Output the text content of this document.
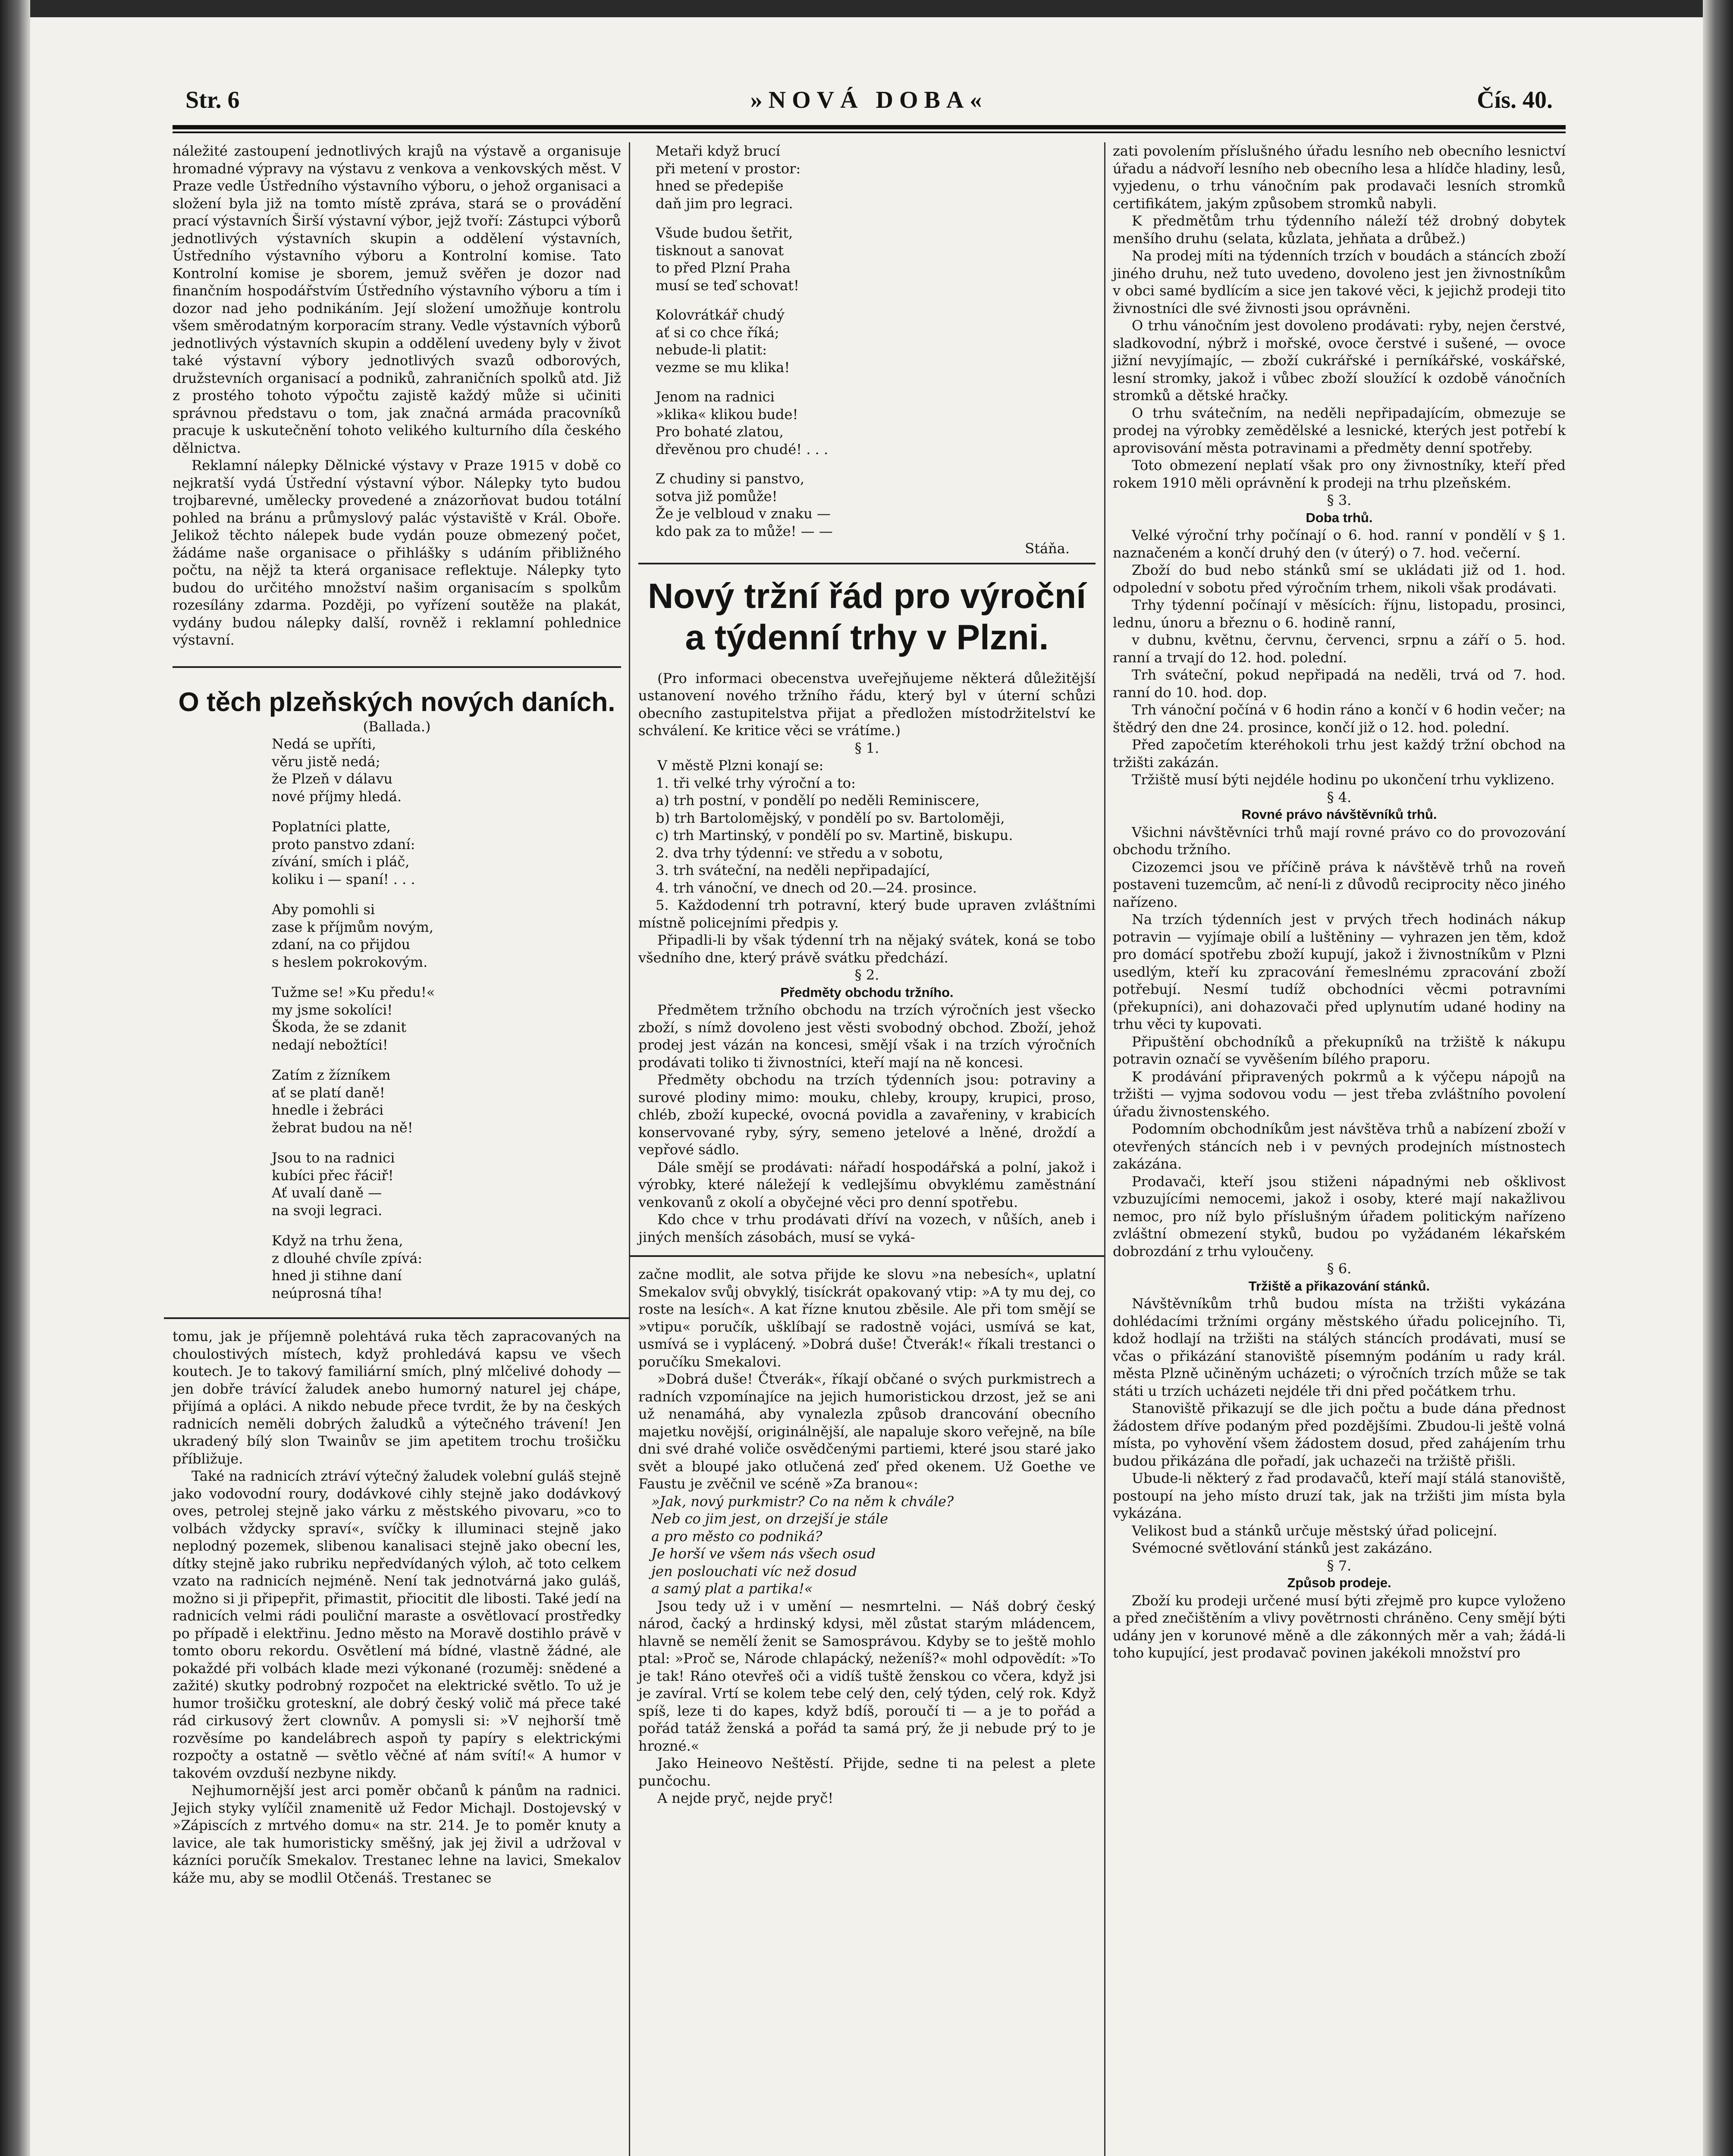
Str. 6	»NOVÁ DOBA«	Čís. 40.

náležité zastoupení jednotlivých krajů na výstavě a organisuje hromadné výpravy na výstavu z venkova a venkovských měst. V Praze vedle Ústředního výstavního výboru, o jehož organisaci a složení byla již na tomto místě zpráva, stará se o provádění prací výstavních Širší výstavní výbor, jejž tvoří: Zástupci výborů jednotlivých výstavních skupin a oddělení výstavních, Ústředního výstavního výboru a Kontrolní komise. Tato Kontrolní komise je sborem, jemuž svěřen je dozor nad finančním hospodářstvím Ústředního výstavního výboru a tím i dozor nad jeho podnikáním. Její složení umožňuje kontrolu všem směrodatným korporacím strany. Vedle výstavních výborů jednotlivých výstavních skupin a oddělení uvedeny byly v život také výstavní výbory jednotlivých svazů odborových, družstevních organisací a podniků, zahraničních spolků atd. Již z prostého tohoto výpočtu zajistě každý může si učiniti správnou představu o tom, jak značná armáda pracovníků pracuje k uskutečnění tohoto velikého kulturního díla českého dělnictva.

Reklamní nálepky Dělnické výstavy v Praze 1915 v době co nejkratší vydá Ústřední výstavní výbor. Nálepky tyto budou trojbarevné, umělecky provedené a znázorňovat budou totální pohled na bránu a průmyslový palác výstaviště v Král. Oboře. Jelikož těchto nálepek bude vydán pouze obmezený počet, žádáme naše organisace o přihlášky s udáním přibližného počtu, na nějž ta která organisace reflektuje. Nálepky tyto budou do určitého množství našim organisacím s spolkům rozesílány zdarma. Později, po vyřízení soutěže na plakát, vydány budou nálepky další, rovněž i reklamní pohlednice výstavní.

O těch plzeňských nových daních.

(Ballada.)

Nedá se upříti,
věru jistě nedá;
že Plzeň v dálavu
nové příjmy hledá.
Poplatníci platte,
proto panstvo zdaní:
zívání, smích i pláč,
koliku i — spaní! . . .
Aby pomohli si
zase k příjmům novým,
zdaní, na co přijdou
s heslem pokrokovým.
Tužme se! »Ku předu!«
my jsme sokolíci!
Škoda, že se zdanit
nedají nebožtíci!
Zatím z žízníkem
ať se platí daně!
hnedle i žebráci
žebrat budou na ně!
Jsou to na radnici
kubíci přec řáciř!
Ať uvalí daně —
na svoji legraci.
Když na trhu žena,
z dlouhé chvíle zpívá:
hned ji stihne daní
neúprosná tíha!

tomu, jak je příjemně polehtává ruka těch zapracovaných na choulostivých místech, když prohledává kapsu ve všech koutech. Je to takový familiární smích, plný mlčelivé dohody — jen dobře trávící žaludek anebo humorný naturel jej chápe, přijímá a opláci. A nikdo nebude přece tvrdit, že by na českých radnicích neměli dobrých žaludků a výtečného trávení! Jen ukradený bílý slon Twainův se jim apetitem trochu trošičku příbližuje.

Také na radnicích ztráví výtečný žaludek volební guláš stejně jako vodovodní roury, dodávkové cihly stejně jako dodávkový oves, petrolej stejně jako várku z městského pivovaru, »co to volbách vždycky spraví«, svíčky k illuminaci stejně jako neplodný pozemek, slibenou kanalisaci stejně jako obecní les, dítky stejně jako rubriku nepředvídaných výloh, ač toto celkem vzato na radnicích nejméně. Není tak jednotvárná jako guláš, možno si ji připepřit, přimastit, přiocitit dle libosti. Také jedí na radnicích velmi rádi pouliční maraste a osvětlovací prostředky po případě i elektřinu. Jedno město na Moravě dostihlo právě v tomto oboru rekordu. Osvětlení má bídné, vlastně žádné, ale pokaždé při volbách klade mezi výkonané (rozuměj: snědené a zažité) skutky podrobný rozpočet na elektrické světlo. To už je humor trošičku groteskní, ale dobrý český volič má přece také rád cirkusový žert clownův. A pomysli si: »V nejhorší tmě rozvěsíme po kandelábrech aspoň ty papíry s elektrickými rozpočty a ostatně — světlo věčné ať nám svítí!« A humor v takovém ovzduší nezbyne nikdy.

Nejhumornější jest arci poměr občanů k pánům na radnici. Jejich styky vylíčil znamenitě už Fedor Michajl. Dostojevský v »Zápiscích z mrtvého domu« na str. 214. Je to poměr knuty a lavice, ale tak humoristicky směšný, jak jej živil a udržoval v kázníci poručík Smekalov. Trestanec lehne na lavici, Smekalov káže mu, aby se modlil Otčenáš. Trestanec se

Metaři když brucí
při metení v prostor:
hned se předepiše
daň jim pro legraci.
Všude budou šetřit,
tisknout a sanovat
to před Plzní Praha
musí se teď schovat!
Kolovrátkář chudý
ať si co chce říká;
nebude-li platit:
vezme se mu klika!
Jenom na radnici
»klika« klikou bude!
Pro bohaté zlatou,
dřevěnou pro chudé! . . .
Z chudiny si panstvo,
sotva již pomůže!
Že je velbloud v znaku —
kdo pak za to může! — —
Stáňa.
Nový tržní řád pro výroční a týdenní trhy v Plzni.

(Pro informaci obecenstva uveřejňujeme některá důležitější ustanovení nového tržního řádu, který byl v úterní schůzi obecního zastupitelstva přijat a předložen místodržitelství ke schválení. Ke kritice věci se vrátíme.)

§ 1.

V městě Plzni konají se:

1. tři velké trhy výroční a to:

a) trh postní, v pondělí po neděli Reminiscere,

b) trh Bartolomějský, v pondělí po sv. Bartoloměji,

c) trh Martinský, v pondělí po sv. Martině, biskupu.

2. dva trhy týdenní: ve středu a v sobotu,

3. trh sváteční, na neděli nepřipadající,

4. trh vánoční, ve dnech od 20.—24. prosince.

5. Každodenní trh potravní, který bude upraven zvláštními místně policejními předpis y.

Připadli-li by však týdenní trh na nějaký svátek, koná se tobo všedního dne, který právě svátku předchází.

§ 2.

Předměty obchodu tržního.

Předmětem tržního obchodu na trzích výročních jest všecko zboží, s nímž dovoleno jest věsti svobodný obchod. Zboží, jehož prodej jest vázán na koncesi, smějí však i na trzích výročních prodávati toliko ti živnostníci, kteří mají na ně koncesi.

Předměty obchodu na trzích týdenních jsou: potraviny a surové plodiny mimo: mouku, chleby, kroupy, krupici, proso, chléb, zboží kupecké, ovocná povidla a zavařeniny, v krabicích konservované ryby, sýry, semeno jetelové a lněné, droždí a vepřové sádlo.

Dále smějí se prodávati: nářadí hospodářská a polní, jakož i výrobky, které náležejí k vedlejšímu obvyklému zaměstnání venkovanů z okolí a obyčejné věci pro denní spotřebu.

Kdo chce v trhu prodávati dříví na vozech, v nůších, aneb i jiných menších zásobách, musí se vyká-

začne modlit, ale sotva přijde ke slovu »na nebesích«, uplatní Smekalov svůj obvyklý, tisíckrát opakovaný vtip: »A ty mu dej, co roste na lesích«. A kat řízne knutou zběsile. Ale při tom smějí se »vtipu« poručík, ušklíbají se radostně vojáci, usmívá se kat, usmívá se i vyplácený. »Dobrá duše! Čtverák!« říkali trestanci o poručíku Smekalovi.

»Dobrá duše! Čtverák«, říkají občané o svých purkmistrech a radních vzpomínajíce na jejich humoristickou drzost, jež se ani už nenamáhá, aby vynalezla způsob drancování obecního majetku novější, originálnější, ale napaluje skoro veřejně, na bíle dni své drahé voliče osvědčenými partiemi, které jsou staré jako svět a bloupé jako otlučená zeď před okenem. Už Goethe ve Faustu je zvěčnil ve scéně »Za branou«:

»Jak, nový purkmistr? Co na něm k chvále?
Neb co jim jest, on drzejší je stále
a pro město co podniká?
Je horší ve všem nás všech osud
jen poslouchati víc než dosud
a samý plat a partika!«

Jsou tedy už i v umění — nesmrtelni. — Náš dobrý český národ, čacký a hrdinský kdysi, měl zůstat starým mládencem, hlavně se nemělí ženit se Samosprávou. Kdyby se to ještě mohlo ptal: »Proč se, Národe chlapácký, neženíš?« mohl odpovědít: »To je tak! Ráno otevřeš oči a vidíš tuště ženskou co včera, když jsi je zavíral. Vrtí se kolem tebe celý den, celý týden, celý rok. Když spíš, leze ti do kapes, když bdíš, poroučí ti — a je to pořád a pořád tatáž ženská a pořád ta samá prý, že ji nebude prý to je hrozné.«

Jako Heineovo Neštěstí. Přijde, sedne ti na pelest a plete punčochu.

A nejde pryč, nejde pryč!

zati povolením příslušného úřadu lesního neb obecního lesnictví úřadu a nádvoří lesního neb obecního lesa a hlídče hladiny, lesů, vyjedenu, o trhu vánočním pak prodavači lesních stromků certifikátem, jakým způsobem stromků nabyli.

K předmětům trhu týdenního náleží též drobný dobytek menšího druhu (selata, kůzlata, jehňata a drůbež.)

Na prodej míti na týdenních trzích v boudách a stáncích zboží jiného druhu, než tuto uvedeno, dovoleno jest jen živnostníkům v obci samé bydlícím a sice jen takové věci, k jejichž prodeji tito živnostníci dle své živnosti jsou oprávněni.

O trhu vánočním jest dovoleno prodávati: ryby, nejen čerstvé, sladkovodní, nýbrž i mořské, ovoce čerstvé i sušené, — ovoce jižní nevyjímajíc, — zboží cukrářské i perníkářské, voskářské, lesní stromky, jakož i vůbec zboží sloužící k ozdobě vánočních stromků a dětské hračky.

O trhu svátečním, na neděli nepřipadajícím, obmezuje se prodej na výrobky zemědělské a lesnické, kterých jest potřebí k aprovisování města potravinami a předměty denní spotřeby.

Toto obmezení neplatí však pro ony živnostníky, kteří před rokem 1910 měli oprávnění k prodeji na trhu plzeňském.

§ 3.

Doba trhů.

Velké výroční trhy počínají o 6. hod. ranní v pondělí v § 1. naznačeném a končí druhý den (v úterý) o 7. hod. večerní.

Zboží do bud nebo stánků smí se ukládati již od 1. hod. odpolední v sobotu před výročním trhem, nikoli však prodávati.

Trhy týdenní počínají v měsících: říjnu, listopadu, prosinci, lednu, únoru a březnu o 6. hodině ranní,

v dubnu, květnu, červnu, červenci, srpnu a září o 5. hod. ranní a trvají do 12. hod. polední.

Trh sváteční, pokud nepřipadá na neděli, trvá od 7. hod. ranní do 10. hod. dop.

Trh vánoční počíná v 6 hodin ráno a končí v 6 hodin večer; na štědrý den dne 24. prosince, končí již o 12. hod. polední.

Před započetím kteréhokoli trhu jest každý tržní obchod na tržišti zakázán.

Tržiště musí býti nejdéle hodinu po ukončení trhu vyklizeno.

§ 4.

Rovné právo návštěvníků trhů.

Všichni návštěvníci trhů mají rovné právo co do provozování obchodu tržního.

Cizozemci jsou ve příčině práva k návštěvě trhů na roveň postaveni tuzemcům, ač není-li z důvodů reciprocity něco jiného nařízeno.

Na trzích týdenních jest v prvých třech hodinách nákup potravin — vyjímaje obilí a luštěniny — vyhrazen jen těm, kdož pro domácí spotřebu zboží kupují, jakož i živnostníkům v Plzni usedlým, kteří ku zpracování řemeslnému zpracování zboží potřebují. Nesmí tudíž obchodníci věcmi potravními (překupníci), ani dohazovači před uplynutím udané hodiny na trhu věci ty kupovati.

Připuštění obchodníků a překupníků na tržiště k nákupu potravin označí se vyvěšením bílého praporu.

K prodávání připravených pokrmů a k výčepu nápojů na tržišti — vyjma sodovou vodu — jest třeba zvláštního povolení úřadu živnostenského.

Podomním obchodníkům jest návštěva trhů a nabízení zboží v otevřených stáncích neb i v pevných prodejních místnostech zakázána.

Prodavači, kteří jsou stiženi nápadnými neb ošklivost vzbuzujícími nemocemi, jakož i osoby, které mají nakažlivou nemoc, pro níž bylo příslušným úřadem politickým nařízeno zvláštní obmezení styků, budou po vyžádaném lékařském dobrozdání z trhu vyloučeny.

§ 6.

Tržiště a přikazování stánků.

Návštěvníkům trhů budou místa na tržišti vykázána dohlédacími tržními orgány městského úřadu policejního. Ti, kdož hodlají na tržišti na stálých stáncích prodávati, musí se včas o přikázání stanoviště písemným podáním u rady král. města Plzně učiněným ucházeti; o výročních trzích může se tak státi u trzích ucházeti nejdéle tři dni před počátkem trhu.

Stanoviště přikazují se dle jich počtu a bude dána přednost žádostem dříve podaným před pozdějšími. Zbudou-li ještě volná místa, po vyhovění všem žádostem dosud, před zahájením trhu budou přikázána dle pořadí, jak uchazeči na tržiště přišli.

Ubude-li některý z řad prodavačů, kteří mají stálá stanoviště, postoupí na jeho místo druzí tak, jak na tržišti jim místa byla vykázána.

Velikost bud a stánků určuje městský úřad policejní.

Svémocné světlování stánků jest zakázáno.

§ 7.

Způsob prodeje.

Zboží ku prodeji určené musí býti zřejmě pro kupce vyloženo a před znečištěním a vlivy povětrnosti chráněno. Ceny smějí býti udány jen v korunové měně a dle zákonných měr a vah; žádá-li toho kupující, jest prodavač povinen jakékoli množství pro
